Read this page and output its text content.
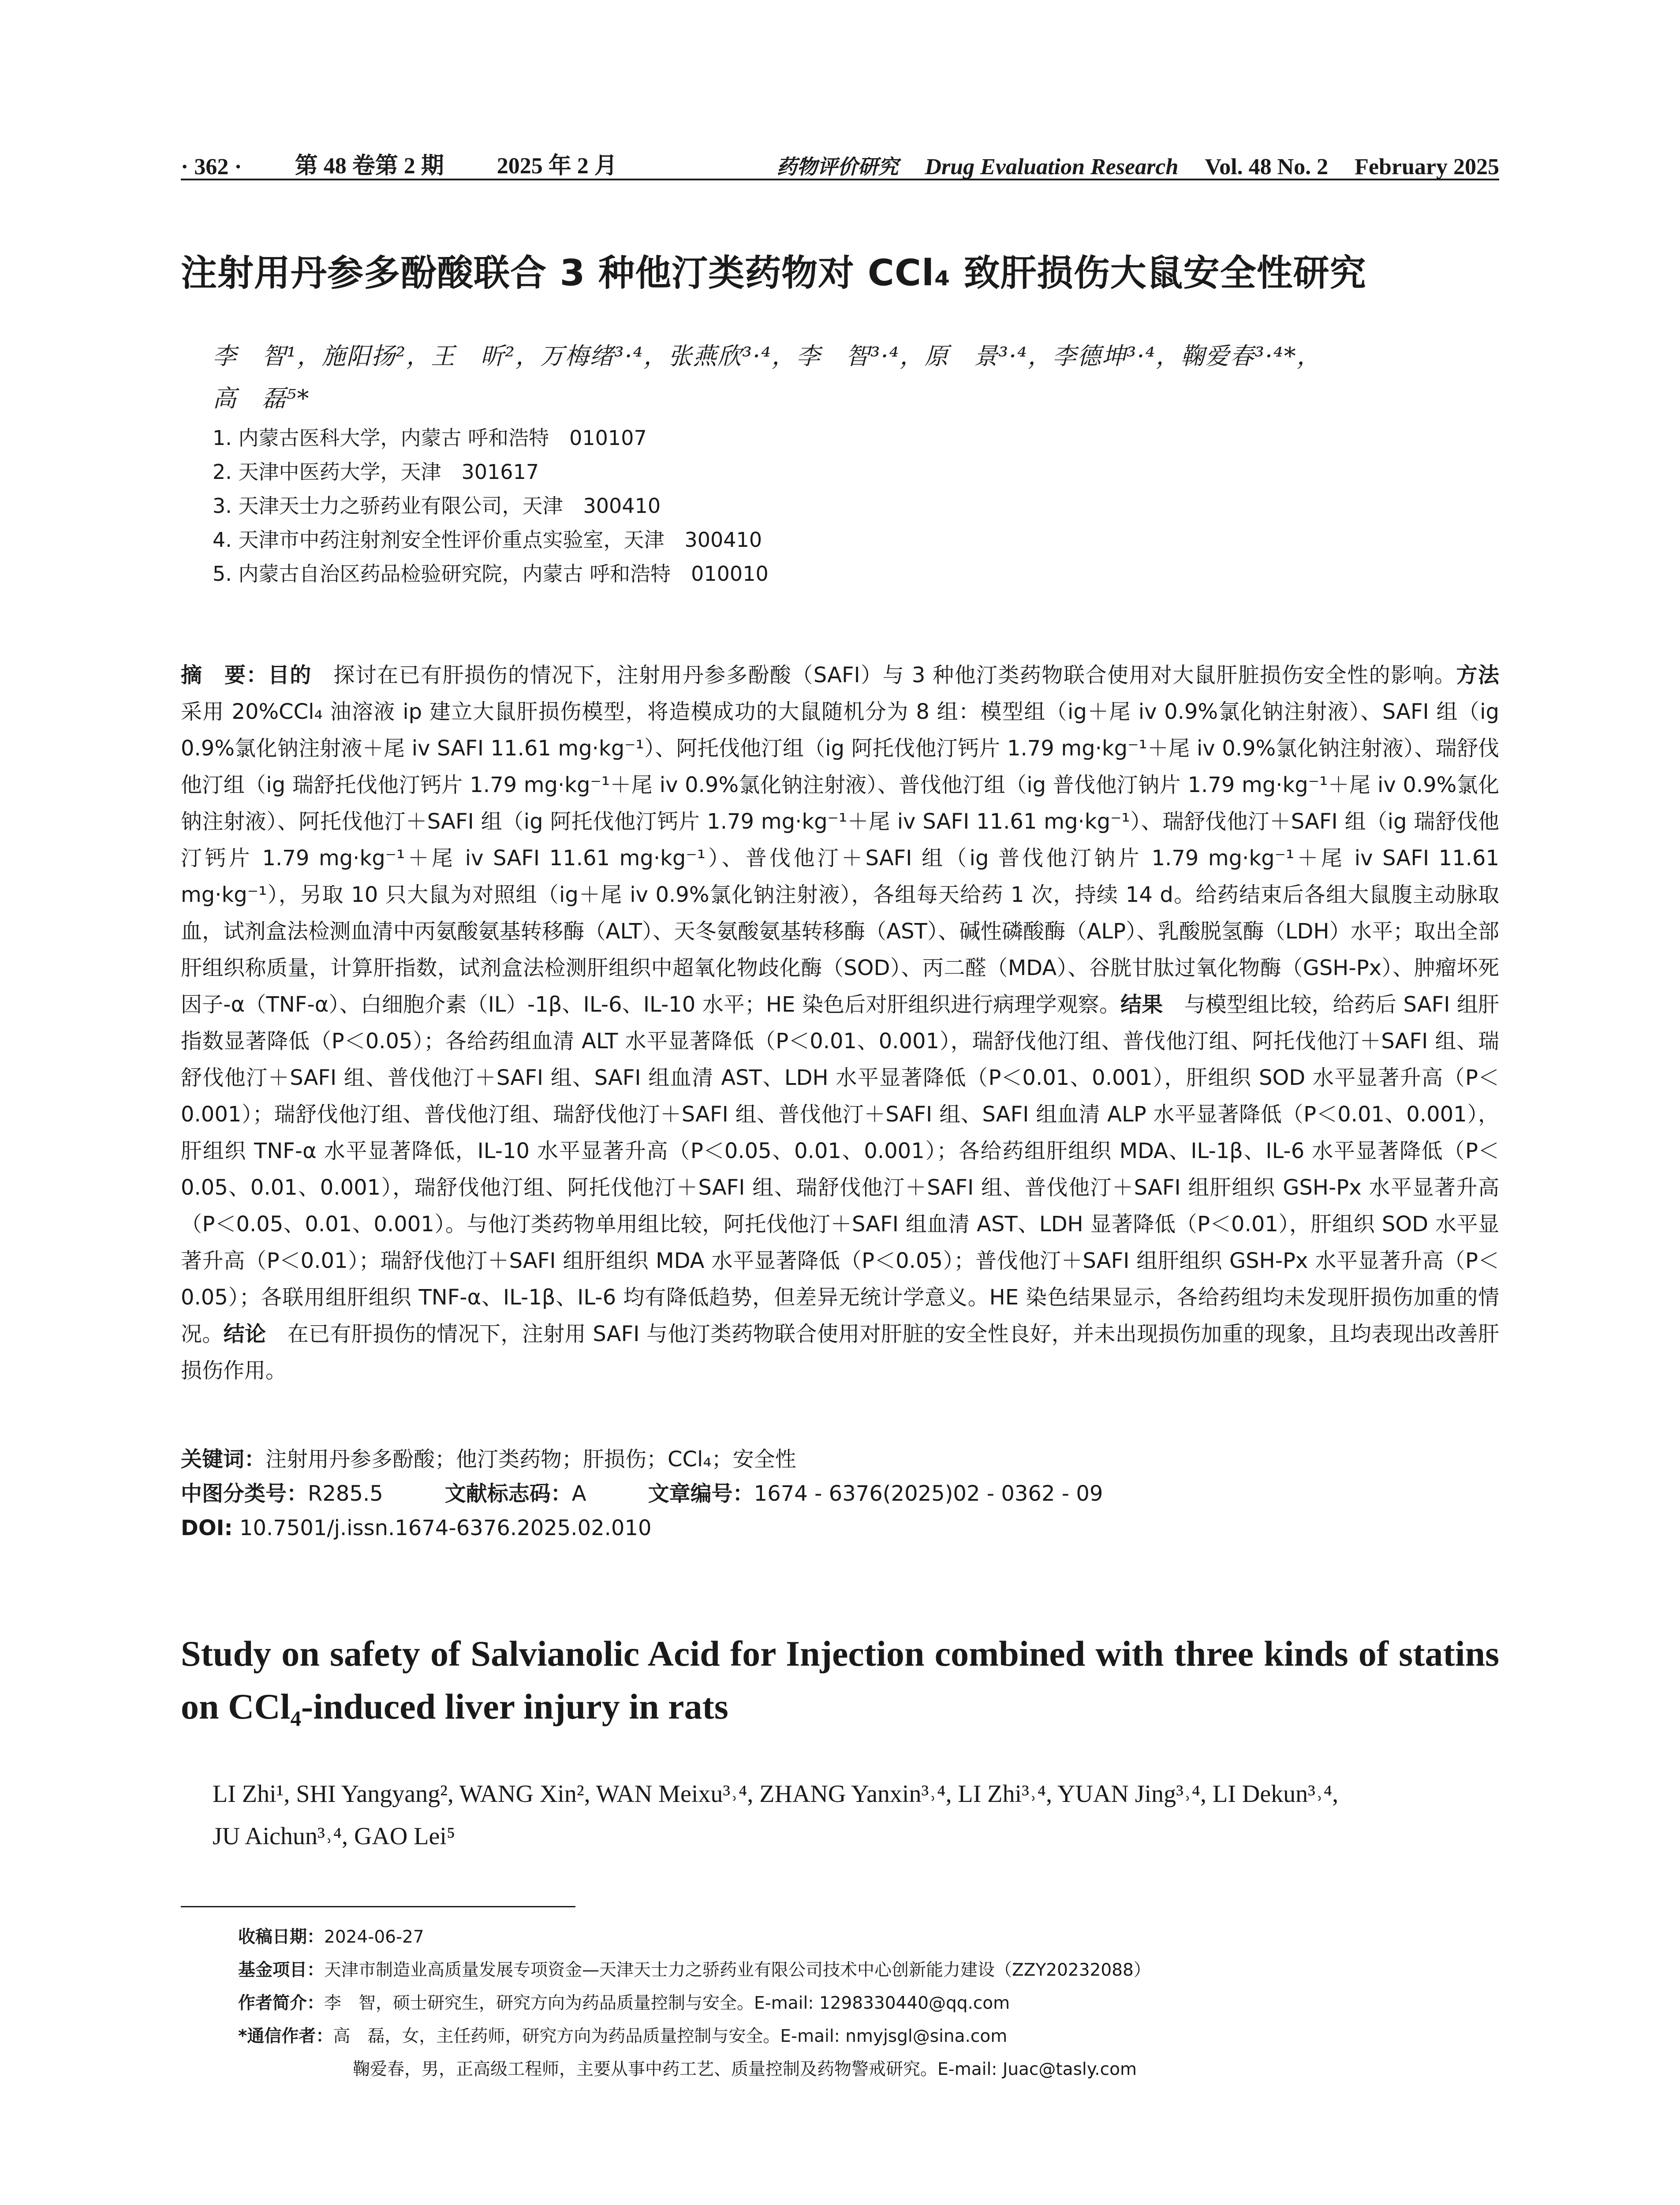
· 362 · 第 48 卷第 2 期 2025 年 2 月	药物评价研究 Drug Evaluation Research Vol. 48 No. 2 February 2025
注射用丹参多酚酸联合 3 种他汀类药物对 CCl₄ 致肝损伤大鼠安全性研究
李　智¹，施阳扬²，王　昕²，万梅绪³·⁴，张燕欣³·⁴，李　智³·⁴，原　景³·⁴，李德坤³·⁴，鞠爱春³·⁴*，
高　磊⁵*
1. 内蒙古医科大学，内蒙古 呼和浩特　010107
2. 天津中医药大学，天津　301617
3. 天津天士力之骄药业有限公司，天津　300410
4. 天津市中药注射剂安全性评价重点实验室，天津　300410
5. 内蒙古自治区药品检验研究院，内蒙古 呼和浩特　010010
摘　要：目的　 探讨在已有肝损伤的情况下，注射用丹参多酚酸（SAFI）与 3 种他汀类药物联合使用对大鼠肝脏损伤安全性的影响。方法　采用 20%CCl₄ 油溶液 ip 建立大鼠肝损伤模型，将造模成功的大鼠随机分为 8 组：模型组（ig＋尾 iv 0.9%氯化钠注射液）、SAFI 组（ig 0.9%氯化钠注射液＋尾 iv SAFI 11.61 mg·kg⁻¹）、阿托伐他汀组（ig 阿托伐他汀钙片 1.79 mg·kg⁻¹＋尾 iv 0.9%氯化钠注射液）、瑞舒伐他汀组（ig 瑞舒托伐他汀钙片 1.79 mg·kg⁻¹＋尾 iv 0.9%氯化钠注射液）、普伐他汀组（ig 普伐他汀钠片 1.79 mg·kg⁻¹＋尾 iv 0.9%氯化钠注射液）、阿托伐他汀＋SAFI 组（ig 阿托伐他汀钙片 1.79 mg·kg⁻¹＋尾 iv SAFI 11.61 mg·kg⁻¹）、瑞舒伐他汀＋SAFI 组（ig 瑞舒伐他汀钙片 1.79 mg·kg⁻¹＋尾 iv SAFI 11.61 mg·kg⁻¹）、普伐他汀＋SAFI 组（ig 普伐他汀钠片 1.79 mg·kg⁻¹＋尾 iv SAFI 11.61 mg·kg⁻¹），另取 10 只大鼠为对照组（ig＋尾 iv 0.9%氯化钠注射液），各组每天给药 1 次，持续 14 d。给药结束后各组大鼠腹主动脉取血，试剂盒法检测血清中丙氨酸氨基转移酶（ALT）、天冬氨酸氨基转移酶（AST）、碱性磷酸酶（ALP）、乳酸脱氢酶（LDH）水平；取出全部肝组织称质量，计算肝指数，试剂盒法检测肝组织中超氧化物歧化酶（SOD）、丙二醛（MDA）、谷胱甘肽过氧化物酶（GSH-Px）、肿瘤坏死因子-α（TNF-α）、白细胞介素（IL）-1β、IL-6、IL-10 水平；HE 染色后对肝组织进行病理学观察。结果　 与模型组比较，给药后 SAFI 组肝指数显著降低（P＜0.05）；各给药组血清 ALT 水平显著降低（P＜0.01、0.001），瑞舒伐他汀组、普伐他汀组、阿托伐他汀＋SAFI 组、瑞舒伐他汀＋SAFI 组、普伐他汀＋SAFI 组、SAFI 组血清 AST、LDH 水平显著降低（P＜0.01、0.001），肝组织 SOD 水平显著升高（P＜0.001）；瑞舒伐他汀组、普伐他汀组、瑞舒伐他汀＋SAFI 组、普伐他汀＋SAFI 组、SAFI 组血清 ALP 水平显著降低（P＜0.01、0.001），肝组织 TNF-α 水平显著降低，IL-10 水平显著升高（P＜0.05、0.01、0.001）；各给药组肝组织 MDA、IL-1β、IL-6 水平显著降低（P＜0.05、0.01、0.001），瑞舒伐他汀组、阿托伐他汀＋SAFI 组、瑞舒伐他汀＋SAFI 组、普伐他汀＋SAFI 组肝组织 GSH-Px 水平显著升高（P＜0.05、0.01、0.001）。与他汀类药物单用组比较，阿托伐他汀＋SAFI 组血清 AST、LDH 显著降低（P＜0.01），肝组织 SOD 水平显著升高（P＜0.01）；瑞舒伐他汀＋SAFI 组肝组织 MDA 水平显著降低（P＜0.05）；普伐他汀＋SAFI 组肝组织 GSH-Px 水平显著升高（P＜0.05）；各联用组肝组织 TNF-α、IL-1β、IL-6 均有降低趋势，但差异无统计学意义。HE 染色结果显示，各给药组均未发现肝损伤加重的情况。结论　 在已有肝损伤的情况下，注射用 SAFI 与他汀类药物联合使用对肝脏的安全性良好，并未出现损伤加重的现象，且均表现出改善肝损伤作用。
关键词：注射用丹参多酚酸；他汀类药物；肝损伤；CCl₄；安全性
中图分类号：R285.5	文献标志码：A	文章编号：1674 - 6376(2025)02 - 0362 - 09
DOI: 10.7501/j.issn.1674-6376.2025.02.010
Study on safety of Salvianolic Acid for Injection combined with three kinds of statins on CCl₄-induced liver injury in rats
LI Zhi¹, SHI Yangyang², WANG Xin², WAN Meixu³˒⁴, ZHANG Yanxin³˒⁴, LI Zhi³˒⁴, YUAN Jing³˒⁴, LI Dekun³˒⁴,
JU Aichun³˒⁴, GAO Lei⁵
收稿日期：2024-06-27
基金项目：天津市制造业高质量发展专项资金—天津天士力之骄药业有限公司技术中心创新能力建设（ZZY20232088）
作者简介：李　智，硕士研究生，研究方向为药品质量控制与安全。E-mail: 1298330440@qq.com
*通信作者：高　磊，女，主任药师，研究方向为药品质量控制与安全。E-mail: nmyjsgl@sina.com
鞠爱春，男，正高级工程师，主要从事中药工艺、质量控制及药物警戒研究。E-mail: Juac@tasly.com
